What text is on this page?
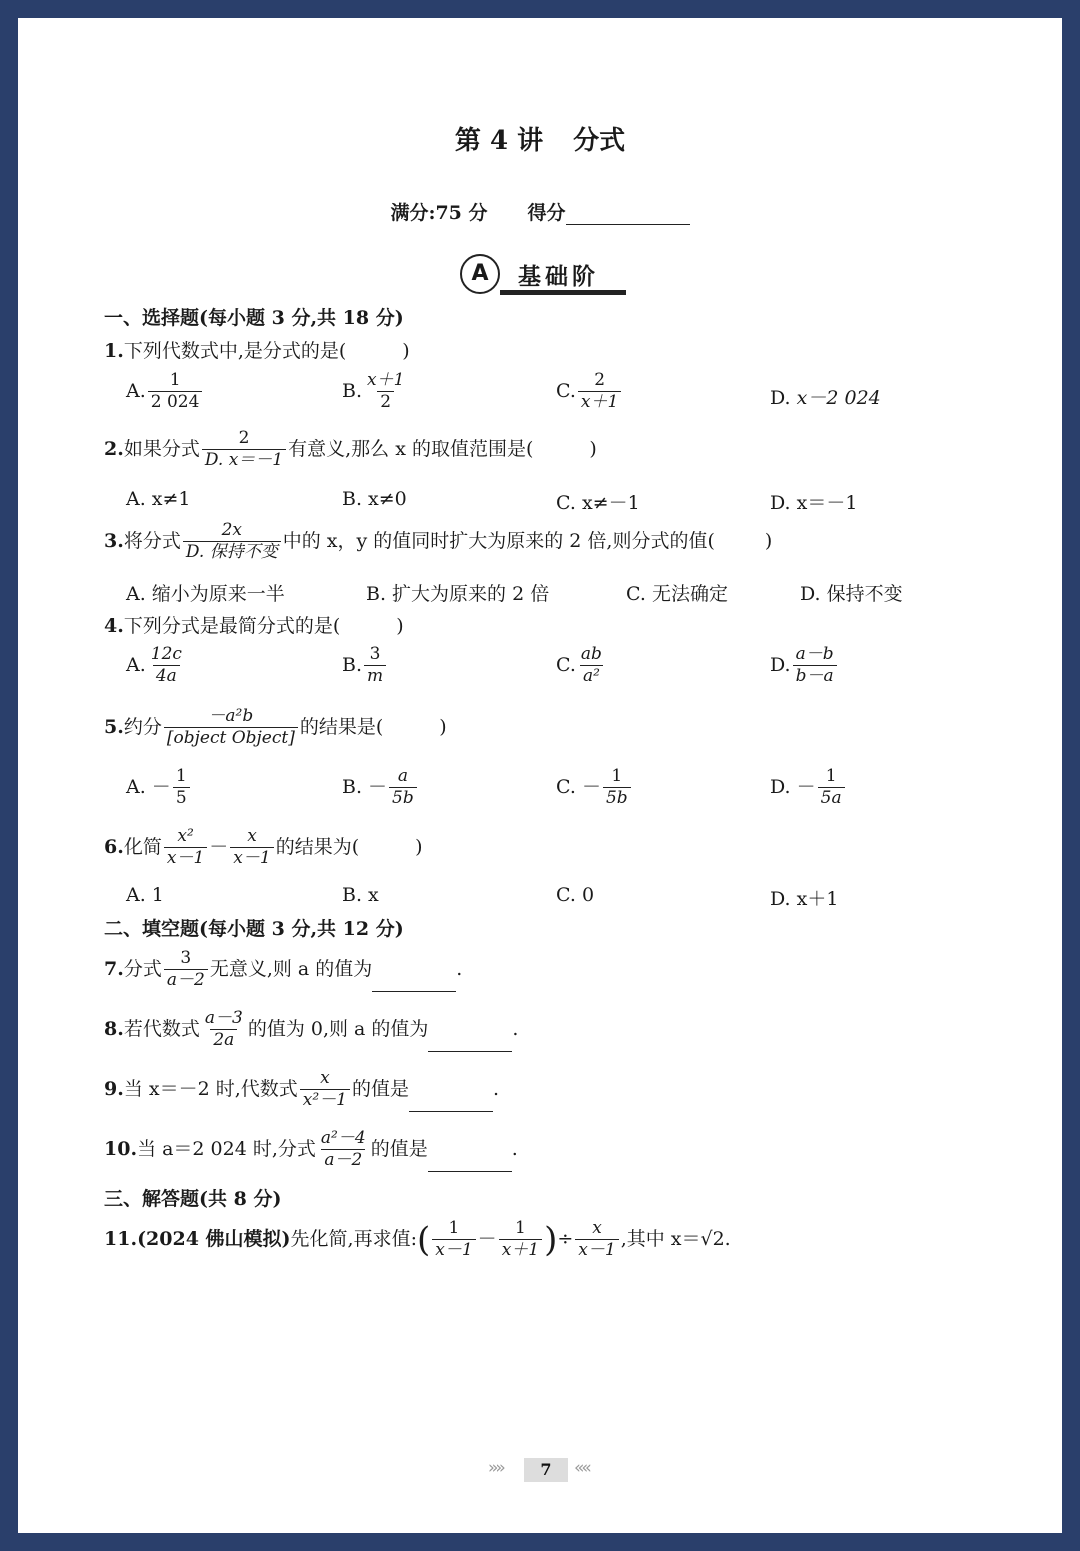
第 4 讲 分式
满分:75 分 得分
A	基础阶
一、选择题(每小题 3 分,共 18 分)
1.下列代数式中,是分式的是(	)
A. $\frac{1}{2 024}$	B. $\frac{x+1}{2}$	C. $\frac{2}{x+1}$	D. x－2 024
2.如果分式 $\frac{2}{D. x=-1}$ 有意义,那么 x 的取值范围是(	)
A. x≠1	B. x≠0	C. x≠－1	D. x＝－1
3.将分式 $\frac{2x}{\text{D. 保持不变}}$ 中的 x，y 的值同时扩大为原来的 2 倍,则分式的值(	)
A. 缩小为原来一半	B. 扩大为原来的 2 倍	C. 无法确定	D. 保持不变
4.下列分式是最简分式的是(	)
A. $\frac{12c}{4a}$	B. $\frac{3}{m}$	C. $\frac{ab}{\text{a²}}$	D. $\frac{a-b}{b-a}$
5.约分 $\frac{\text{－a²b}}{\text{[object Object]}}$ 的结果是(	)
A. － $\frac{1}{5}$	B. － $\frac{a}{5b}$	C. － $\frac{1}{5b}$	D. － $\frac{1}{5a}$
6.化简 $\frac{\text{x²}}{x-1} - \frac{x}{x-1}$ 的结果为(	)
A. 1	B. x	C. 0	D. x＋1
二、填空题(每小题 3 分,共 12 分)
7.分式 $\frac{3}{a-2}$ 无意义,则 a 的值为	.
8.若代数式 $\frac{a-3}{2a}$ 的值为 0,则 a 的值为	.
9.当 x＝－2 时,代数式 $\frac{x}{\text{x²－1}}$ 的值是	.
10.当 a＝2 024 时,分式 $\frac{\text{a²－4}}{a-2}$ 的值是	.
三、解答题(共 8 分)
11.(2024 佛山模拟)先化简,再求值:( $\frac{1}{x-1} - \frac{1}{x+1}$ )÷ $\frac{x}{x-1}$ ,其中 x＝√2.
»»	7	««
